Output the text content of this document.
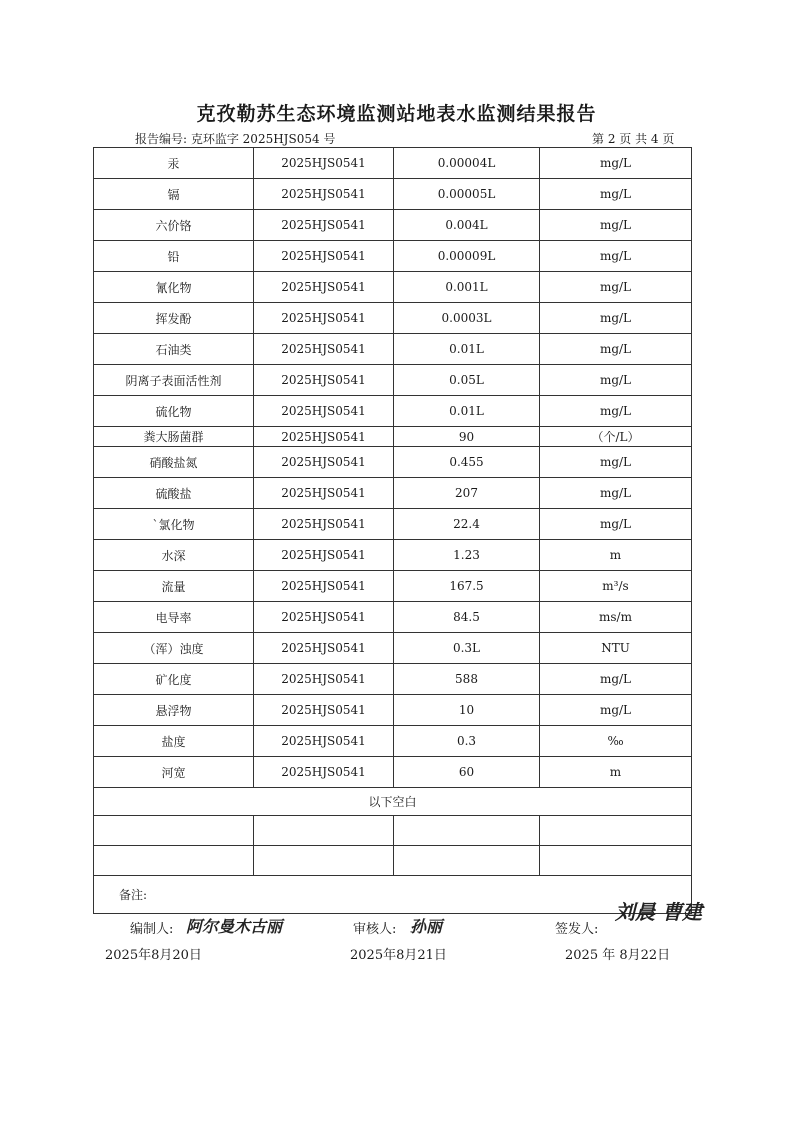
克孜勒苏生态环境监测站地表水监测结果报告
报告编号: 克环监字 2025HJS054 号	第 2 页 共 4 页
汞	2025HJS0541	0.00004L	mg/L
镉	2025HJS0541	0.00005L	mg/L
六价铬	2025HJS0541	0.004L	mg/L
铅	2025HJS0541	0.00009L	mg/L
氰化物	2025HJS0541	0.001L	mg/L
挥发酚	2025HJS0541	0.0003L	mg/L
石油类	2025HJS0541	0.01L	mg/L
阴离子表面活性剂	2025HJS0541	0.05L	mg/L
硫化物	2025HJS0541	0.01L	mg/L
粪大肠菌群	2025HJS0541	90	（个/L）
硝酸盐氮	2025HJS0541	0.455	mg/L
硫酸盐	2025HJS0541	207	mg/L
`氯化物	2025HJS0541	22.4	mg/L
水深	2025HJS0541	1.23	m
流量	2025HJS0541	167.5	m³/s
电导率	2025HJS0541	84.5	ms/m
（浑）浊度	2025HJS0541	0.3L	NTU
矿化度	2025HJS0541	588	mg/L
悬浮物	2025HJS0541	10	mg/L
盐度	2025HJS0541	0.3	‰
河宽	2025HJS0541	60	m
以下空白			

备注:			
编制人: 阿尔曼木古丽
2025年8月20日
审核人: 孙丽
2025年8月21日
签发人:
刘晨 曹建
2025 年 8月22日
